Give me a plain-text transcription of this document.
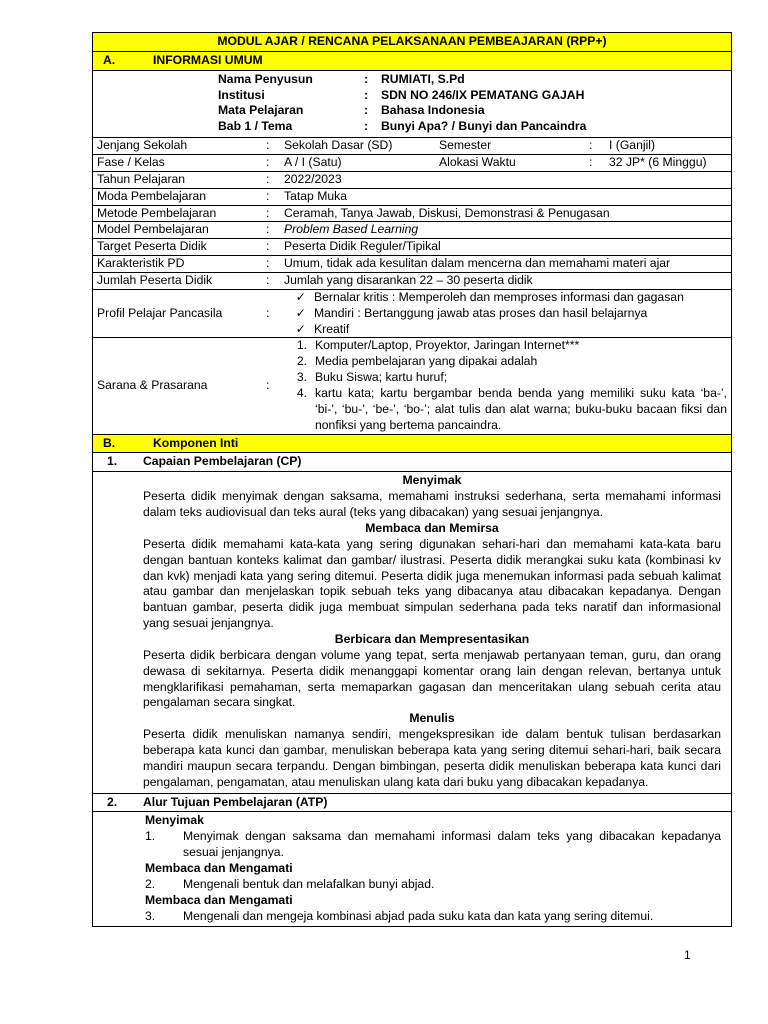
MODUL AJAR / RENCANA PELAKSANAAN PEMBEAJARAN (RPP+)
A.	INFORMASI UMUM
Nama Penyusun	:	RUMIATI, S.Pd
Institusi	:	SDN NO 246/IX PEMATANG GAJAH
Mata Pelajaran	:	Bahasa Indonesia
Bab 1 / Tema	:	Bunyi Apa? / Bunyi dan Pancaindra
Jenjang Sekolah	:	Sekolah Dasar (SD)	Semester	:	I (Ganjil)
Fase / Kelas	:	A / I (Satu)	Alokasi Waktu	:	32 JP* (6 Minggu)
Tahun Pelajaran	:	2022/2023
Moda Pembelajaran	:	Tatap Muka
Metode Pembelajaran	:	Ceramah, Tanya Jawab, Diskusi, Demonstrasi & Penugasan
Model Pembelajaran	:	Problem Based Learning
Target Peserta Didik	:	Peserta Didik Reguler/Tipikal
Karakteristik PD	:	Umum, tidak ada kesulitan dalam mencerna dan memahami materi ajar
Jumlah Peserta Didik	:	Jumlah yang disarankan 22 – 30 peserta didik
Profil Pelajar Pancasila	:
✓ Bernalar kritis : Memperoleh dan memproses informasi dan gagasan
✓ Mandiri : Bertanggung jawab atas proses dan hasil belajarnya
✓ Kreatif
Sarana & Prasarana	:
1. Komputer/Laptop, Proyektor, Jaringan Internet***
2. Media pembelajaran yang dipakai adalah
3. Buku Siswa; kartu huruf;
4. kartu kata; kartu bergambar benda benda yang memiliki suku kata ‘ba-’, ‘bi-’, ‘bu-’, ‘be-’, ‘bo-’; alat tulis dan alat warna; buku-buku bacaan fiksi dan nonfiksi yang bertema pancaindra.
B.	Komponen Inti
1.	Capaian Pembelajaran (CP)
Menyimak

Peserta didik menyimak dengan saksama, memahami instruksi sederhana, serta memahami informasi dalam teks audiovisual dan teks aural (teks yang dibacakan) yang sesuai jenjangnya.

Membaca dan Memirsa

Peserta didik memahami kata-kata yang sering digunakan sehari-hari dan memahami kata-kata baru dengan bantuan konteks kalimat dan gambar/ ilustrasi. Peserta didik merangkai suku kata (kombinasi kv dan kvk) menjadi kata yang sering ditemui. Peserta didik juga menemukan informasi pada sebuah kalimat atau gambar dan menjelaskan topik sebuah teks yang dibacanya atau dibacakan kepadanya. Dengan bantuan gambar, peserta didik juga membuat simpulan sederhana pada teks naratif dan informasional yang sesuai jenjangnya.

Berbicara dan Mempresentasikan

Peserta didik berbicara dengan volume yang tepat, serta menjawab pertanyaan teman, guru, dan orang dewasa di sekitarnya. Peserta didik menanggapi komentar orang lain dengan relevan, bertanya untuk mengklarifikasi pemahaman, serta memaparkan gagasan dan menceritakan ulang sebuah cerita atau pengalaman secara singkat.

Menulis

Peserta didik menuliskan namanya sendiri, mengekspresikan ide dalam bentuk tulisan berdasarkan beberapa kata kunci dan gambar, menuliskan beberapa kata yang sering ditemui sehari-hari, baik secara mandiri maupun secara terpandu. Dengan bimbingan, peserta didik menuliskan beberapa kata kunci dari pengalaman, pengamatan, atau menuliskan ulang kata dari buku yang dibacakan kepadanya.

2.	Alur Tujuan Pembelajaran (ATP)
Menyimak
1.	Menyimak dengan saksama dan memahami informasi dalam teks yang dibacakan kepadanya sesuai jenjangnya.
Membaca dan Mengamati
2.	Mengenali bentuk dan melafalkan bunyi abjad.
Membaca dan Mengamati
3.	Mengenali dan mengeja kombinasi abjad pada suku kata dan kata yang sering ditemui.
1
